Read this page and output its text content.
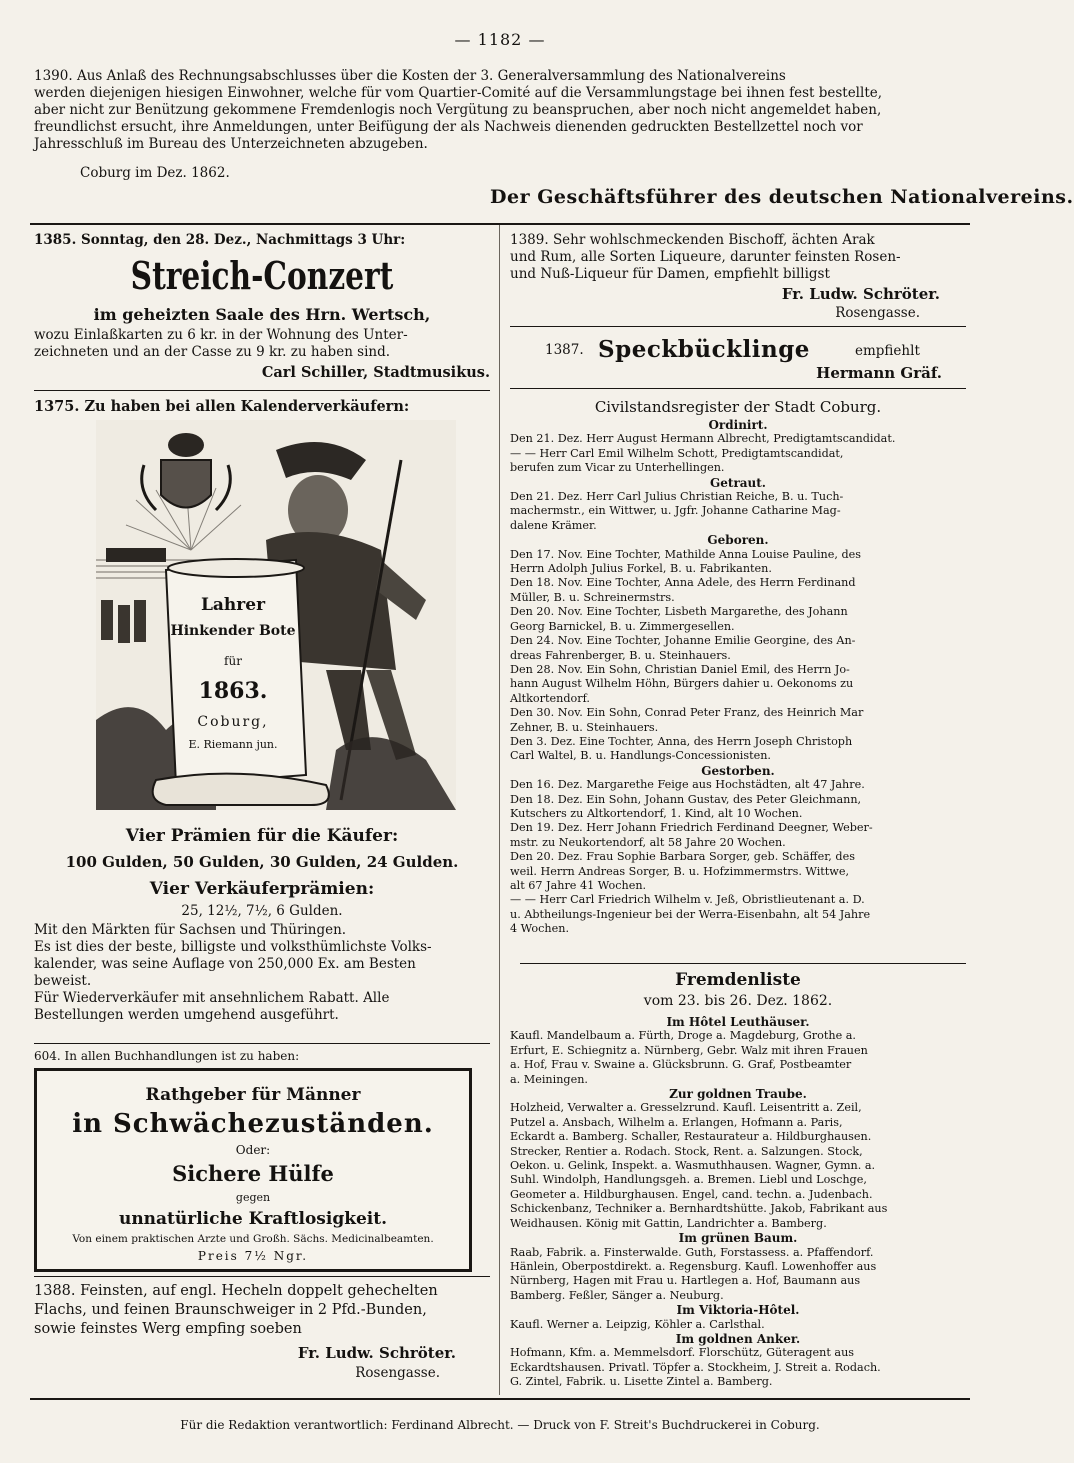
— 1182 —
1390. Aus Anlaß des Rechnungsabschlusses über die Kosten der 3. Generalversammlung des Nationalvereins
werden diejenigen hiesigen Einwohner, welche für vom Quartier-Comité auf die Versammlungstage bei ihnen fest bestellte,
aber nicht zur Benützung gekommene Fremdenlogis noch Vergütung zu beanspruchen, aber noch nicht angemeldet haben,
freundlichst ersucht, ihre Anmeldungen, unter Beifügung der als Nachweis dienenden gedruckten Bestellzettel noch vor
Jahresschluß im Bureau des Unterzeichneten abzugeben.
Coburg im Dez. 1862.
Der Geschäftsführer des deutschen Nationalvereins.
1385. Sonntag, den 28. Dez., Nachmittags 3 Uhr:
Streich-Conzert
im geheizten Saale des Hrn. Wertsch,
wozu Einlaßkarten zu 6 kr. in der Wohnung des Unter-
zeichneten und an der Casse zu 9 kr. zu haben sind.
Carl Schiller, Stadtmusikus.
1375. Zu haben bei allen Kalenderverkäufern:
Lahrer
Hinkender Bote
für
1863.
Coburg,
E. Riemann jun.
Vier Prämien für die Käufer:
100 Gulden, 50 Gulden, 30 Gulden, 24 Gulden.
Vier Verkäuferprämien:
25, 12½, 7½, 6 Gulden.
Mit den Märkten für Sachsen und Thüringen.
Es ist dies der beste, billigste und volksthümlichste Volks-
kalender, was seine Auflage von 250,000 Ex. am Besten
beweist.
Für Wiederverkäufer mit ansehnlichem Rabatt. Alle
Bestellungen werden umgehend ausgeführt.
604. In allen Buchhandlungen ist zu haben:
Rathgeber für Männer
in Schwächezuständen.
Oder:
Sichere Hülfe
gegen
unnatürliche Kraftlosigkeit.
Von einem praktischen Arzte und Großh. Sächs. Medicinalbeamten.
Preis 7½ Ngr.
1388. Feinsten, auf engl. Hecheln doppelt gehechelten
Flachs, und feinen Braunschweiger in 2 Pfd.-Bunden,
sowie feinstes Werg empfing soeben
Fr. Ludw. Schröter.
Rosengasse.
1389. Sehr wohlschmeckenden Bischoff, ächten Arak
und Rum, alle Sorten Liqueure, darunter feinsten Rosen-
und Nuß-Liqueur für Damen, empfiehlt billigst
Fr. Ludw. Schröter.
Rosengasse.
1387. Speckbücklinge	empfiehlt
Hermann Gräf.
Civilstandsregister der Stadt Coburg.
Ordinirt.
Den 21. Dez. Herr August Hermann Albrecht, Predigtamtscandidat.
— — Herr Carl Emil Wilhelm Schott, Predigtamtscandidat,
berufen zum Vicar zu Unterhellingen.
Getraut.
Den 21. Dez. Herr Carl Julius Christian Reiche, B. u. Tuch-
machermstr., ein Wittwer, u. Jgfr. Johanne Catharine Mag-
dalene Krämer.
Geboren.
Den 17. Nov. Eine Tochter, Mathilde Anna Louise Pauline, des
Herrn Adolph Julius Forkel, B. u. Fabrikanten.
Den 18. Nov. Eine Tochter, Anna Adele, des Herrn Ferdinand
Müller, B. u. Schreinermstrs.
Den 20. Nov. Eine Tochter, Lisbeth Margarethe, des Johann
Georg Barnickel, B. u. Zimmergesellen.
Den 24. Nov. Eine Tochter, Johanne Emilie Georgine, des An-
dreas Fahrenberger, B. u. Steinhauers.
Den 28. Nov. Ein Sohn, Christian Daniel Emil, des Herrn Jo-
hann August Wilhelm Höhn, Bürgers dahier u. Oekonoms zu
Altkortendorf.
Den 30. Nov. Ein Sohn, Conrad Peter Franz, des Heinrich Mar
Zehner, B. u. Steinhauers.
Den 3. Dez. Eine Tochter, Anna, des Herrn Joseph Christoph
Carl Waltel, B. u. Handlungs-Concessionisten.
Gestorben.
Den 16. Dez. Margarethe Feige aus Hochstädten, alt 47 Jahre.
Den 18. Dez. Ein Sohn, Johann Gustav, des Peter Gleichmann,
Kutschers zu Altkortendorf, 1. Kind, alt 10 Wochen.
Den 19. Dez. Herr Johann Friedrich Ferdinand Deegner, Weber-
mstr. zu Neukortendorf, alt 58 Jahre 20 Wochen.
Den 20. Dez. Frau Sophie Barbara Sorger, geb. Schäffer, des
weil. Herrn Andreas Sorger, B. u. Hofzimmermstrs. Wittwe,
alt 67 Jahre 41 Wochen.
— — Herr Carl Friedrich Wilhelm v. Jeß, Obristlieutenant a. D.
u. Abtheilungs-Ingenieur bei der Werra-Eisenbahn, alt 54 Jahre
4 Wochen.
Fremdenliste
vom 23. bis 26. Dez. 1862.
Im Hôtel Leuthäuser.
Kaufl. Mandelbaum a. Fürth, Droge a. Magdeburg, Grothe a.
Erfurt, E. Schiegnitz a. Nürnberg, Gebr. Walz mit ihren Frauen
a. Hof, Frau v. Swaine a. Glücksbrunn. G. Graf, Postbeamter
a. Meiningen.
Zur goldnen Traube.
Holzheid, Verwalter a. Gresselzrund. Kaufl. Leisentritt a. Zeil,
Putzel a. Ansbach, Wilhelm a. Erlangen, Hofmann a. Paris,
Eckardt a. Bamberg. Schaller, Restaurateur a. Hildburghausen.
Strecker, Rentier a. Rodach. Stock, Rent. a. Salzungen. Stock,
Oekon. u. Gelink, Inspekt. a. Wasmuthhausen. Wagner, Gymn. a.
Suhl. Windolph, Handlungsgeh. a. Bremen. Liebl und Loschge,
Geometer a. Hildburghausen. Engel, cand. techn. a. Judenbach.
Schickenbanz, Techniker a. Bernhardtshütte. Jakob, Fabrikant aus
Weidhausen. König mit Gattin, Landrichter a. Bamberg.
Im grünen Baum.
Raab, Fabrik. a. Finsterwalde. Guth, Forstassess. a. Pfaffendorf.
Hänlein, Oberpostdirekt. a. Regensburg. Kaufl. Lowenhoffer aus
Nürnberg, Hagen mit Frau u. Hartlegen a. Hof, Baumann aus
Bamberg. Feßler, Sänger a. Neuburg.
Im Viktoria-Hôtel.
Kaufl. Werner a. Leipzig, Köhler a. Carlsthal.
Im goldnen Anker.
Hofmann, Kfm. a. Memmelsdorf. Florschütz, Güteragent aus
Eckardtshausen. Privatl. Töpfer a. Stockheim, J. Streit a. Rodach.
G. Zintel, Fabrik. u. Lisette Zintel a. Bamberg.
Für die Redaktion verantwortlich: Ferdinand Albrecht. — Druck von F. Streit's Buchdruckerei in Coburg.
